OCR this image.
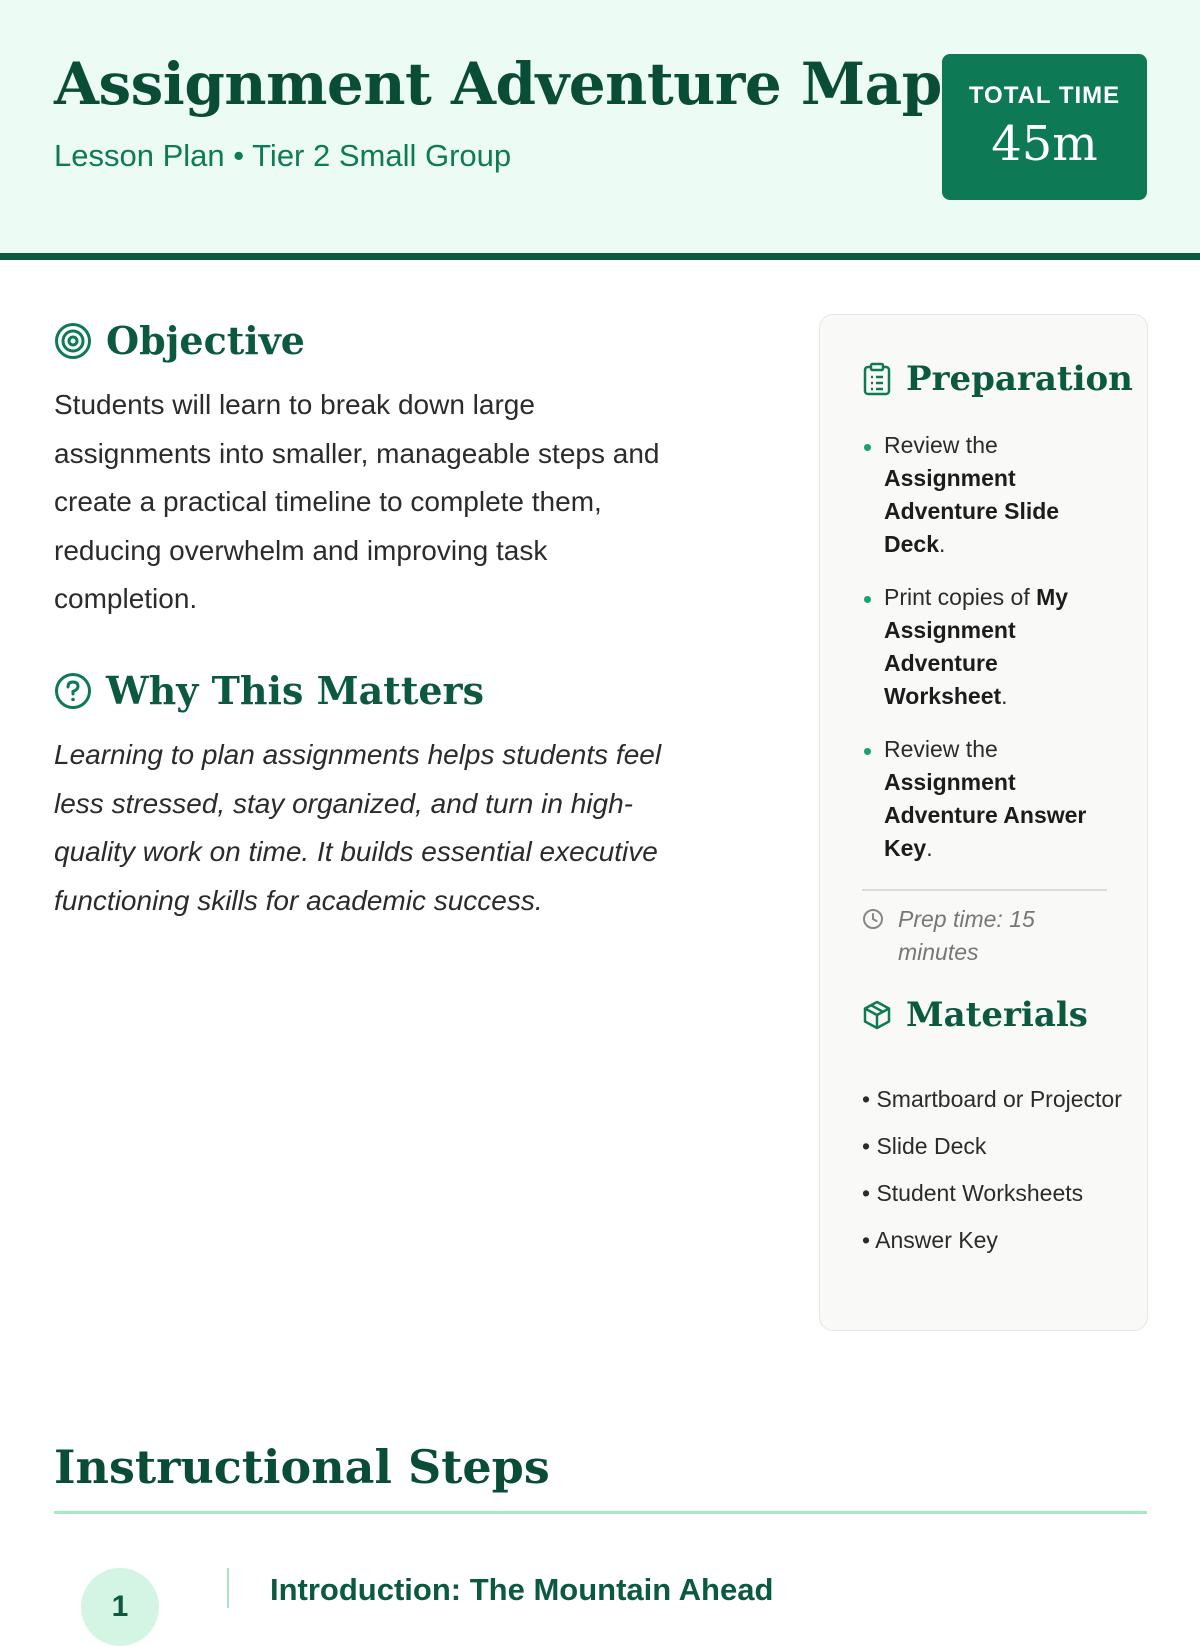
Assignment Adventure Map
Lesson Plan • Tier 2 Small Group
TOTAL TIME
45m
Objective
Students will learn to break down large
assignments into smaller, manageable steps and
create a practical timeline to complete them,
reducing overwhelm and improving task
completion.
Why This Matters
Learning to plan assignments helps students feel
less stressed, stay organized, and turn in high-
quality work on time. It builds essential executive
functioning skills for academic success.
Preparation
Review the Assignment Adventure Slide Deck.
Print copies of My Assignment Adventure Worksheet.
Review the Assignment Adventure Answer Key.
Prep time: 15 minutes
Materials
• Smartboard or Projector
• Slide Deck
• Student Worksheets
• Answer Key
Instructional Steps
1	Introduction: The Mountain Ahead
